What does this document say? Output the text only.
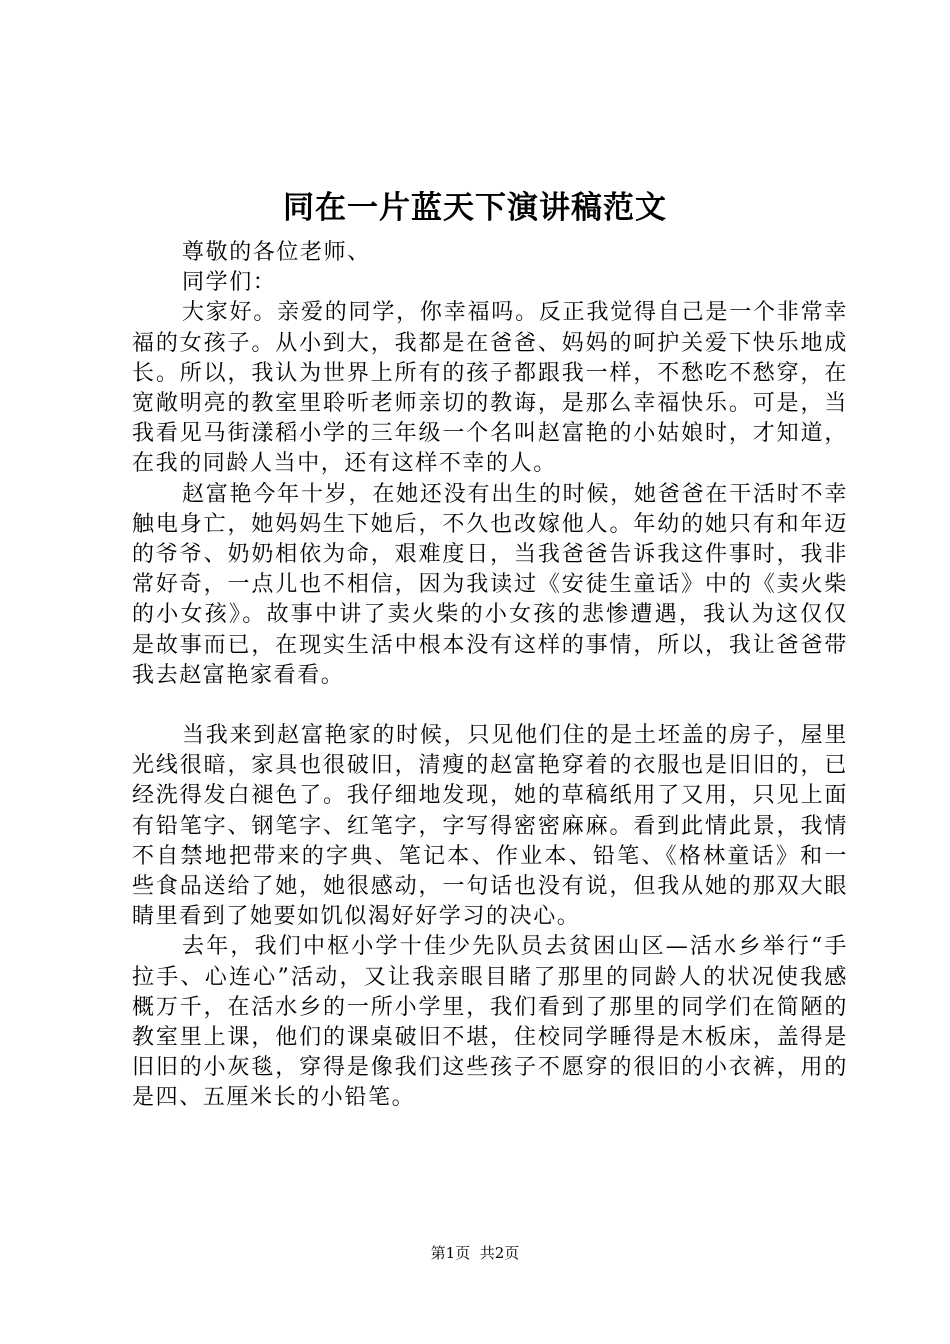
同在一片蓝天下演讲稿范文

尊敬的各位老师、

同学们：

大家好。亲爱的同学，你幸福吗。反正我觉得自己是一个非常幸福的女孩子。从小到大，我都是在爸爸、妈妈的呵护关爱下快乐地成长。所以，我认为世界上所有的孩子都跟我一样，不愁吃不愁穿，在宽敞明亮的教室里聆听老师亲切的教诲，是那么幸福快乐。可是，当我看见马街漾稻小学的三年级一个名叫赵富艳的小姑娘时，才知道，在我的同龄人当中，还有这样不幸的人。

赵富艳今年十岁，在她还没有出生的时候，她爸爸在干活时不幸触电身亡，她妈妈生下她后，不久也改嫁他人。年幼的她只有和年迈的爷爷、奶奶相依为命，艰难度日，当我爸爸告诉我这件事时，我非常好奇，一点儿也不相信，因为我读过《安徒生童话》中的《卖火柴的小女孩》。故事中讲了卖火柴的小女孩的悲惨遭遇，我认为这仅仅是故事而已，在现实生活中根本没有这样的事情，所以，我让爸爸带我去赵富艳家看看。

当我来到赵富艳家的时候，只见他们住的是土坯盖的房子，屋里光线很暗，家具也很破旧，清瘦的赵富艳穿着的衣服也是旧旧的，已经洗得发白褪色了。我仔细地发现，她的草稿纸用了又用，只见上面有铅笔字、钢笔字、红笔字，字写得密密麻麻。看到此情此景，我情不自禁地把带来的字典、笔记本、作业本、铅笔、《格林童话》和一些食品送给了她，她很感动，一句话也没有说，但我从她的那双大眼睛里看到了她要如饥似渴好好学习的决心。

去年，我们中枢小学十佳少先队员去贫困山区—活水乡举行“手拉手、心连心”活动，又让我亲眼目睹了那里的同龄人的状况使我感概万千，在活水乡的一所小学里，我们看到了那里的同学们在简陋的教室里上课，他们的课桌破旧不堪，住校同学睡得是木板床，盖得是旧旧的小灰毯，穿得是像我们这些孩子不愿穿的很旧的小衣裤，用的是四、五厘米长的小铅笔。

第1页 共2页
